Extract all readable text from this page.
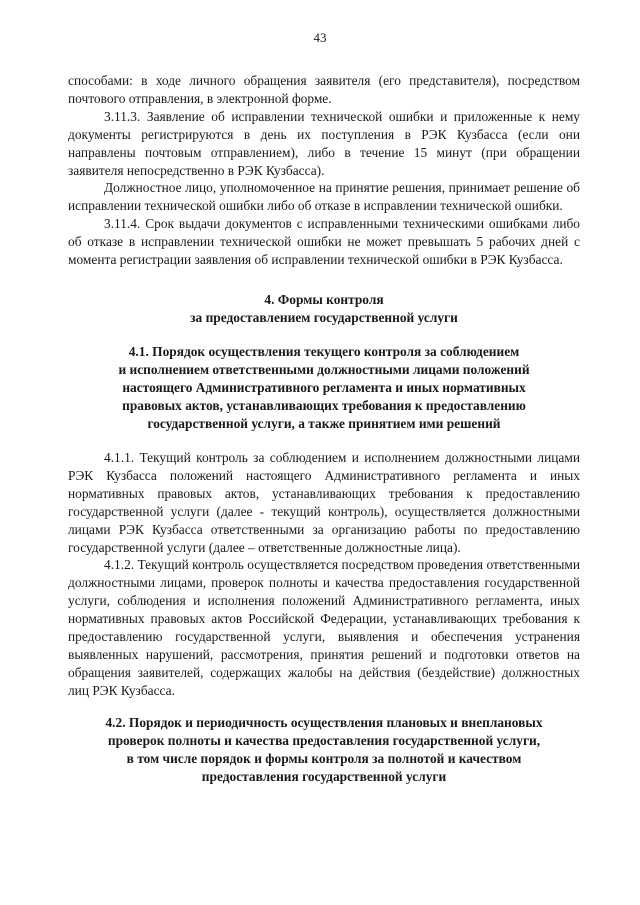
43

способами: в ходе личного обращения заявителя (его представителя), посредством почтового отправления, в электронной форме.

3.11.3. Заявление об исправлении технической ошибки и приложенные к нему документы регистрируются в день их поступления в РЭК Кузбасса (если они направлены почтовым отправлением), либо в течение 15 минут (при обращении заявителя непосредственно в РЭК Кузбасса).

Должностное лицо, уполномоченное на принятие решения, принимает решение об исправлении технической ошибки либо об отказе в исправлении технической ошибки.

3.11.4. Срок выдачи документов с исправленными техническими ошибками либо об отказе в исправлении технической ошибки не может превышать 5 рабочих дней с момента регистрации заявления об исправлении технической ошибки в РЭК Кузбасса.

4. Формы контроля
за предоставлением государственной услуги
4.1. Порядок осуществления текущего контроля за соблюдением
и исполнением ответственными должностными лицами положений
настоящего Административного регламента и иных нормативных
правовых актов, устанавливающих требования к предоставлению
государственной услуги, а также принятием ими решений

4.1.1. Текущий контроль за соблюдением и исполнением должностными лицами РЭК Кузбасса положений настоящего Административного регламента и иных нормативных правовых актов, устанавливающих требования к предоставлению государственной услуги (далее - текущий контроль), осуществляется должностными лицами РЭК Кузбасса ответственными за организацию работы по предоставлению государственной услуги (далее – ответственные должностные лица).

4.1.2. Текущий контроль осуществляется посредством проведения ответственными должностными лицами, проверок полноты и качества предоставления государственной услуги, соблюдения и исполнения положений Административного регламента, иных нормативных правовых актов Российской Федерации, устанавливающих требования к предоставлению государственной услуги, выявления и обеспечения устранения выявленных нарушений, рассмотрения, принятия решений и подготовки ответов на обращения заявителей, содержащих жалобы на действия (бездействие) должностных лиц РЭК Кузбасса.

4.2. Порядок и периодичность осуществления плановых и внеплановых
проверок полноты и качества предоставления государственной услуги,
в том числе порядок и формы контроля за полнотой и качеством
предоставления государственной услуги
